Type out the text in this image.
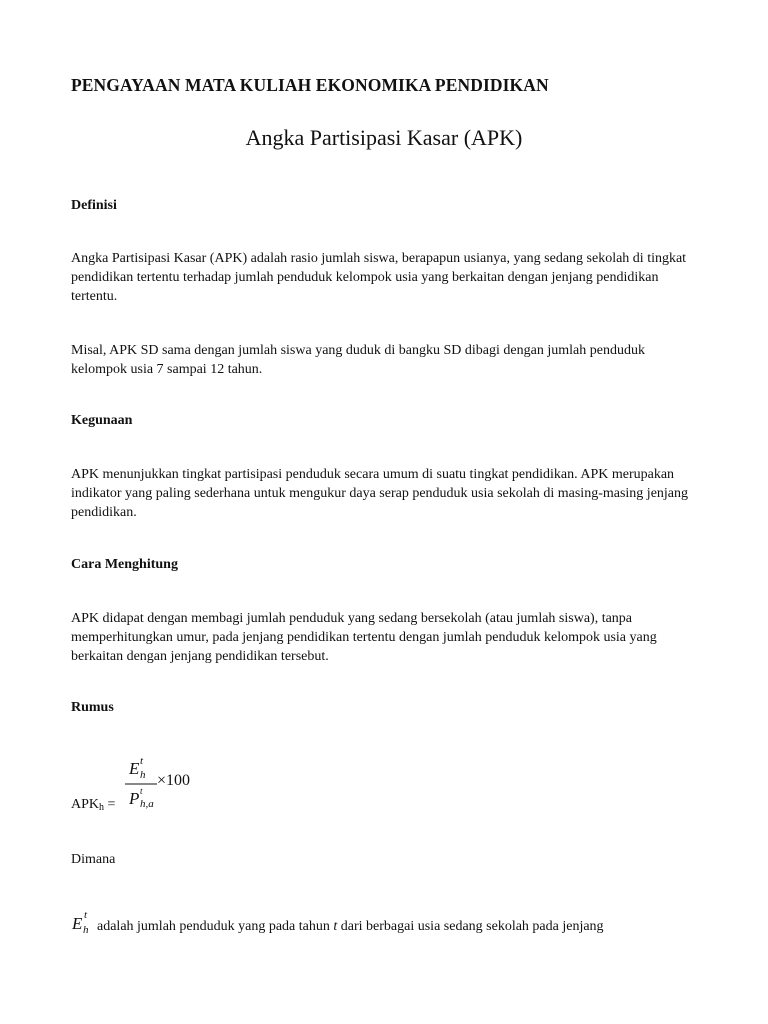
PENGAYAAN MATA KULIAH EKONOMIKA PENDIDIKAN
Angka Partisipasi Kasar (APK)
Definisi
Angka Partisipasi Kasar (APK) adalah rasio jumlah siswa, berapapun usianya, yang sedang sekolah di tingkat pendidikan tertentu terhadap jumlah penduduk kelompok usia yang berkaitan dengan jenjang pendidikan tertentu.
Misal, APK SD sama dengan jumlah siswa yang duduk di bangku SD dibagi dengan jumlah penduduk kelompok usia 7 sampai 12 tahun.
Kegunaan
APK menunjukkan tingkat partisipasi penduduk secara umum di suatu tingkat pendidikan. APK merupakan indikator yang paling sederhana untuk mengukur daya serap penduduk usia sekolah di masing-masing jenjang pendidikan.
Cara Menghitung
APK didapat dengan membagi jumlah penduduk yang sedang bersekolah (atau jumlah siswa), tanpa memperhitungkan umur, pada jenjang pendidikan tertentu dengan jumlah penduduk kelompok usia yang berkaitan dengan jenjang pendidikan tersebut.
Rumus
$APK_h$ =
E t
h
P t
h,a
×100
Dimana
E t
h adalah jumlah penduduk yang pada tahun t dari berbagai usia sedang sekolah pada jenjang
